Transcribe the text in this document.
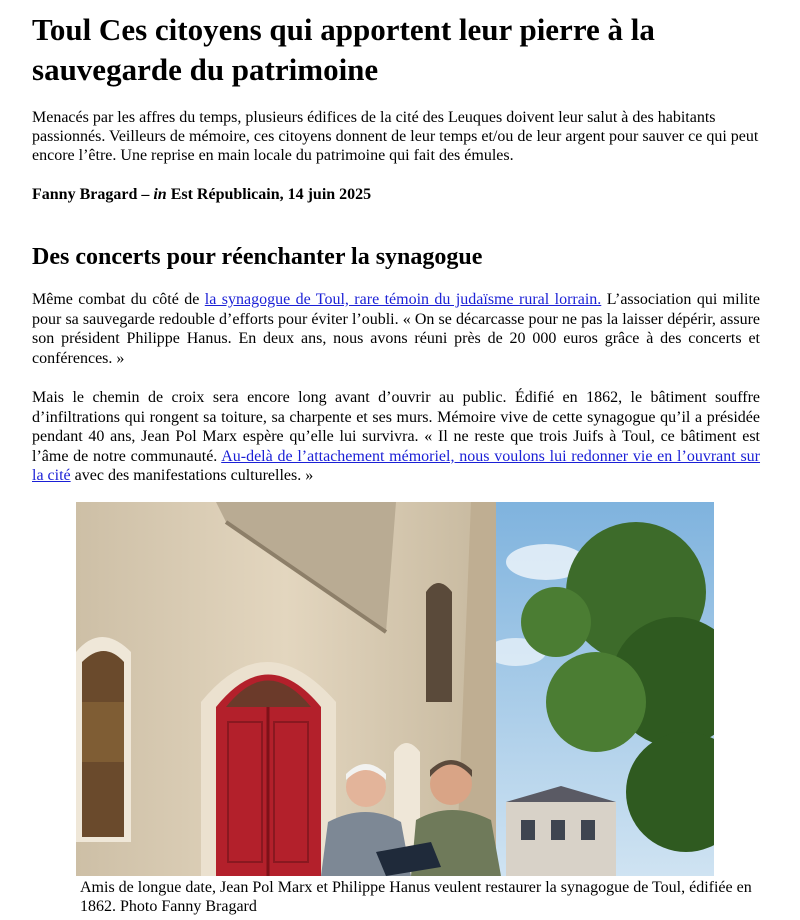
Toul Ces citoyens qui apportent leur pierre à la sauvegarde du patrimoine

Menacés par les affres du temps, plusieurs édifices de la cité des Leuques doivent leur salut à des habitants passionnés. Veilleurs de mémoire, ces citoyens donnent de leur temps et/ou de leur argent pour sauver ce qui peut encore l’être. Une reprise en main locale du patrimoine qui fait des émules.

Fanny Bragard – in Est Républicain, 14 juin 2025

Des concerts pour réenchanter la synagogue

Même combat du côté de la synagogue de Toul, rare témoin du judaïsme rural lorrain. L’association qui milite pour sa sauvegarde redouble d’efforts pour éviter l’oubli. « On se décarcasse pour ne pas la laisser dépérir, assure son président Philippe Hanus. En deux ans, nous avons réuni près de 20 000 euros grâce à des concerts et conférences. »

Mais le chemin de croix sera encore long avant d’ouvrir au public. Édifié en 1862, le bâtiment souffre d’infiltrations qui rongent sa toiture, sa charpente et ses murs. Mémoire vive de cette synagogue qu’il a présidée pendant 40 ans, Jean Pol Marx espère qu’elle lui survivra. « Il ne reste que trois Juifs à Toul, ce bâtiment est l’âme de notre communauté. Au-delà de l’attachement mémoriel, nous voulons lui redonner vie en l’ouvrant sur la cité avec des manifestations culturelles. »

Amis de longue date, Jean Pol Marx et Philippe Hanus veulent restaurer la synagogue de Toul, édifiée en 1862. Photo Fanny Bragard
